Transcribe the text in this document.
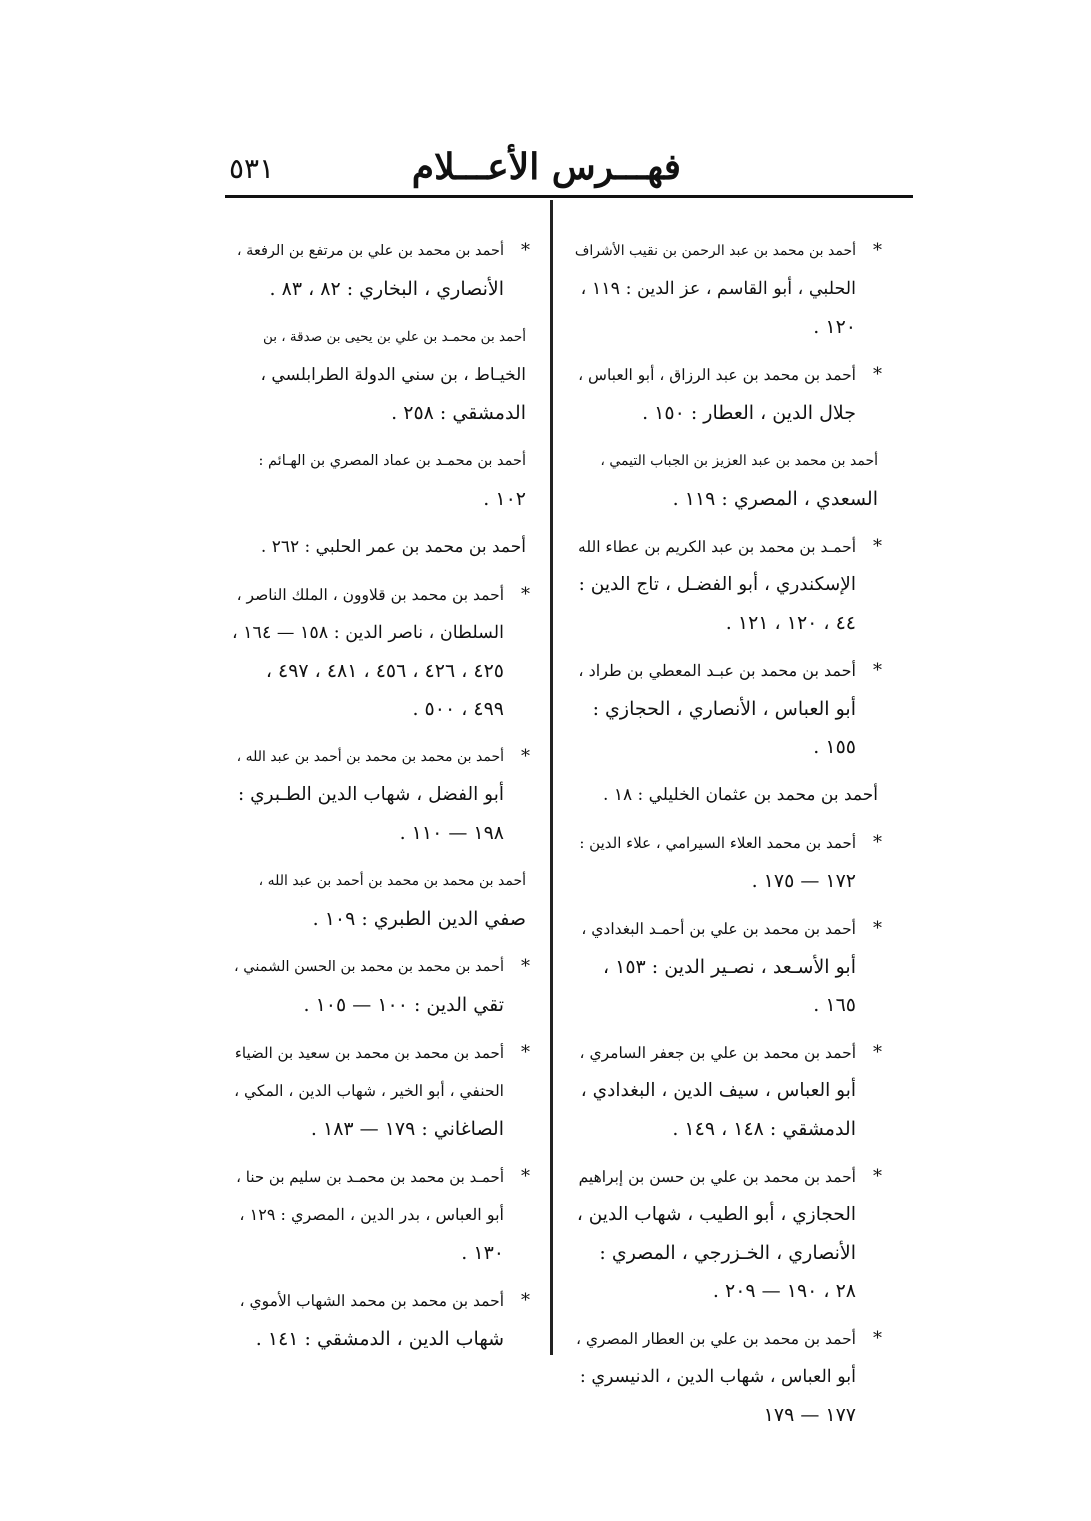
فهـــرس الأعـــلام
٥٣١
*
أحمد بن محمد بن عبد الرحمن بن نقيب الأشراف
الحلبي ، أبو القاسم ، عز الدين : ١١٩ ،
١٢٠ .
*
أحمد بن محمد بن عبد الرزاق ، أبو العباس ،
جلال الدين ، العطار : ١٥٠ .
أحمد بن محمد بن عبد العزيز بن الجباب التيمي ،
السعدي ، المصري : ١١٩ .
*
أحمـد بن محمد بن عبد الكريم بن عطاء الله
الإسكندري ، أبو الفضـل ، تاج الدين :
٤٤ ، ١٢٠ ، ١٢١ .
*
أحمد بن محمد بن عبـد المعطي بن طراد ،
أبو العباس ، الأنصاري ، الحجازي :
١٥٥ .
أحمد بن محمد بن عثمان الخليلي : ١٨ .
*
أحمد بن محمد العلاء السيرامي ، علاء الدين :
١٧٢ — ١٧٥ .
*
أحمد بن محمد بن علي بن أحمـد البغدادي ،
أبو الأسـعد ، نصـير الدين : ١٥٣ ،
١٦٥ .
*
أحمد بن محمد بن علي بن جعفر السامري ،
أبو العباس ، سيف الدين ، البغدادي ،
الدمشقي : ١٤٨ ، ١٤٩ .
*
أحمد بن محمد بن علي بن حسن بن إبراهيم
الحجازي ، أبو الطيب ، شهاب الدين ،
الأنصاري ، الخـزرجي ، المصري :
٢٨ ، ١٩٠ — ٢٠٩ .
*
أحمد بن محمد بن علي بن العطار المصري ،
أبو العباس ، شهاب الدين ، الدنيسري :
١٧٧ — ١٧٩
*
أحمد بن محمد بن علي بن مرتفع بن الرفعة ،
الأنصاري ، البخاري : ٨٢ ، ٨٣ .
أحمد بن محمـد بن علي بن يحيى بن صدقة ، بن
الخيـاط ، بن سني الدولة الطرابلسي ،
الدمشقي : ٢٥٨ .
أحمد بن محمـد بن عماد المصري بن الهـائم :
١٠٢ .
أحمد بن محمد بن عمر الحلبي : ٢٦٢ .
*
أحمد بن محمد بن قلاوون ، الملك الناصر ،
السلطان ، ناصر الدين : ١٥٨ — ١٦٤ ،
٤٢٥ ، ٤٢٦ ، ٤٥٦ ، ٤٨١ ، ٤٩٧ ،
٤٩٩ ، ٥٠٠ .
*
أحمد بن محمد بن محمد بن أحمد بن عبد الله ،
أبو الفضل ، شهاب الدين الطـبري :
١٩٨ — ١١٠ .
أحمد بن محمد بن محمد بن أحمد بن عبد الله ،
صفي الدين الطبري : ١٠٩ .
*
أحمد بن محمد بن محمد بن الحسن الشمني ،
تقي الدين : ١٠٠ — ١٠٥ .
*
أحمد بن محمد بن محمد بن سعيد بن الضياء
الحنفي ، أبو الخير ، شهاب الدين ، المكي ،
الصاغاني : ١٧٩ — ١٨٣ .
*
أحمـد بن محمد بن محمـد بن سليم بن حنا ،
أبو العباس ، بدر الدين ، المصري : ١٢٩ ،
١٣٠ .
*
أحمد بن محمد بن محمد الشهاب الأموي ،
شهاب الدين ، الدمشقي : ١٤١ .
